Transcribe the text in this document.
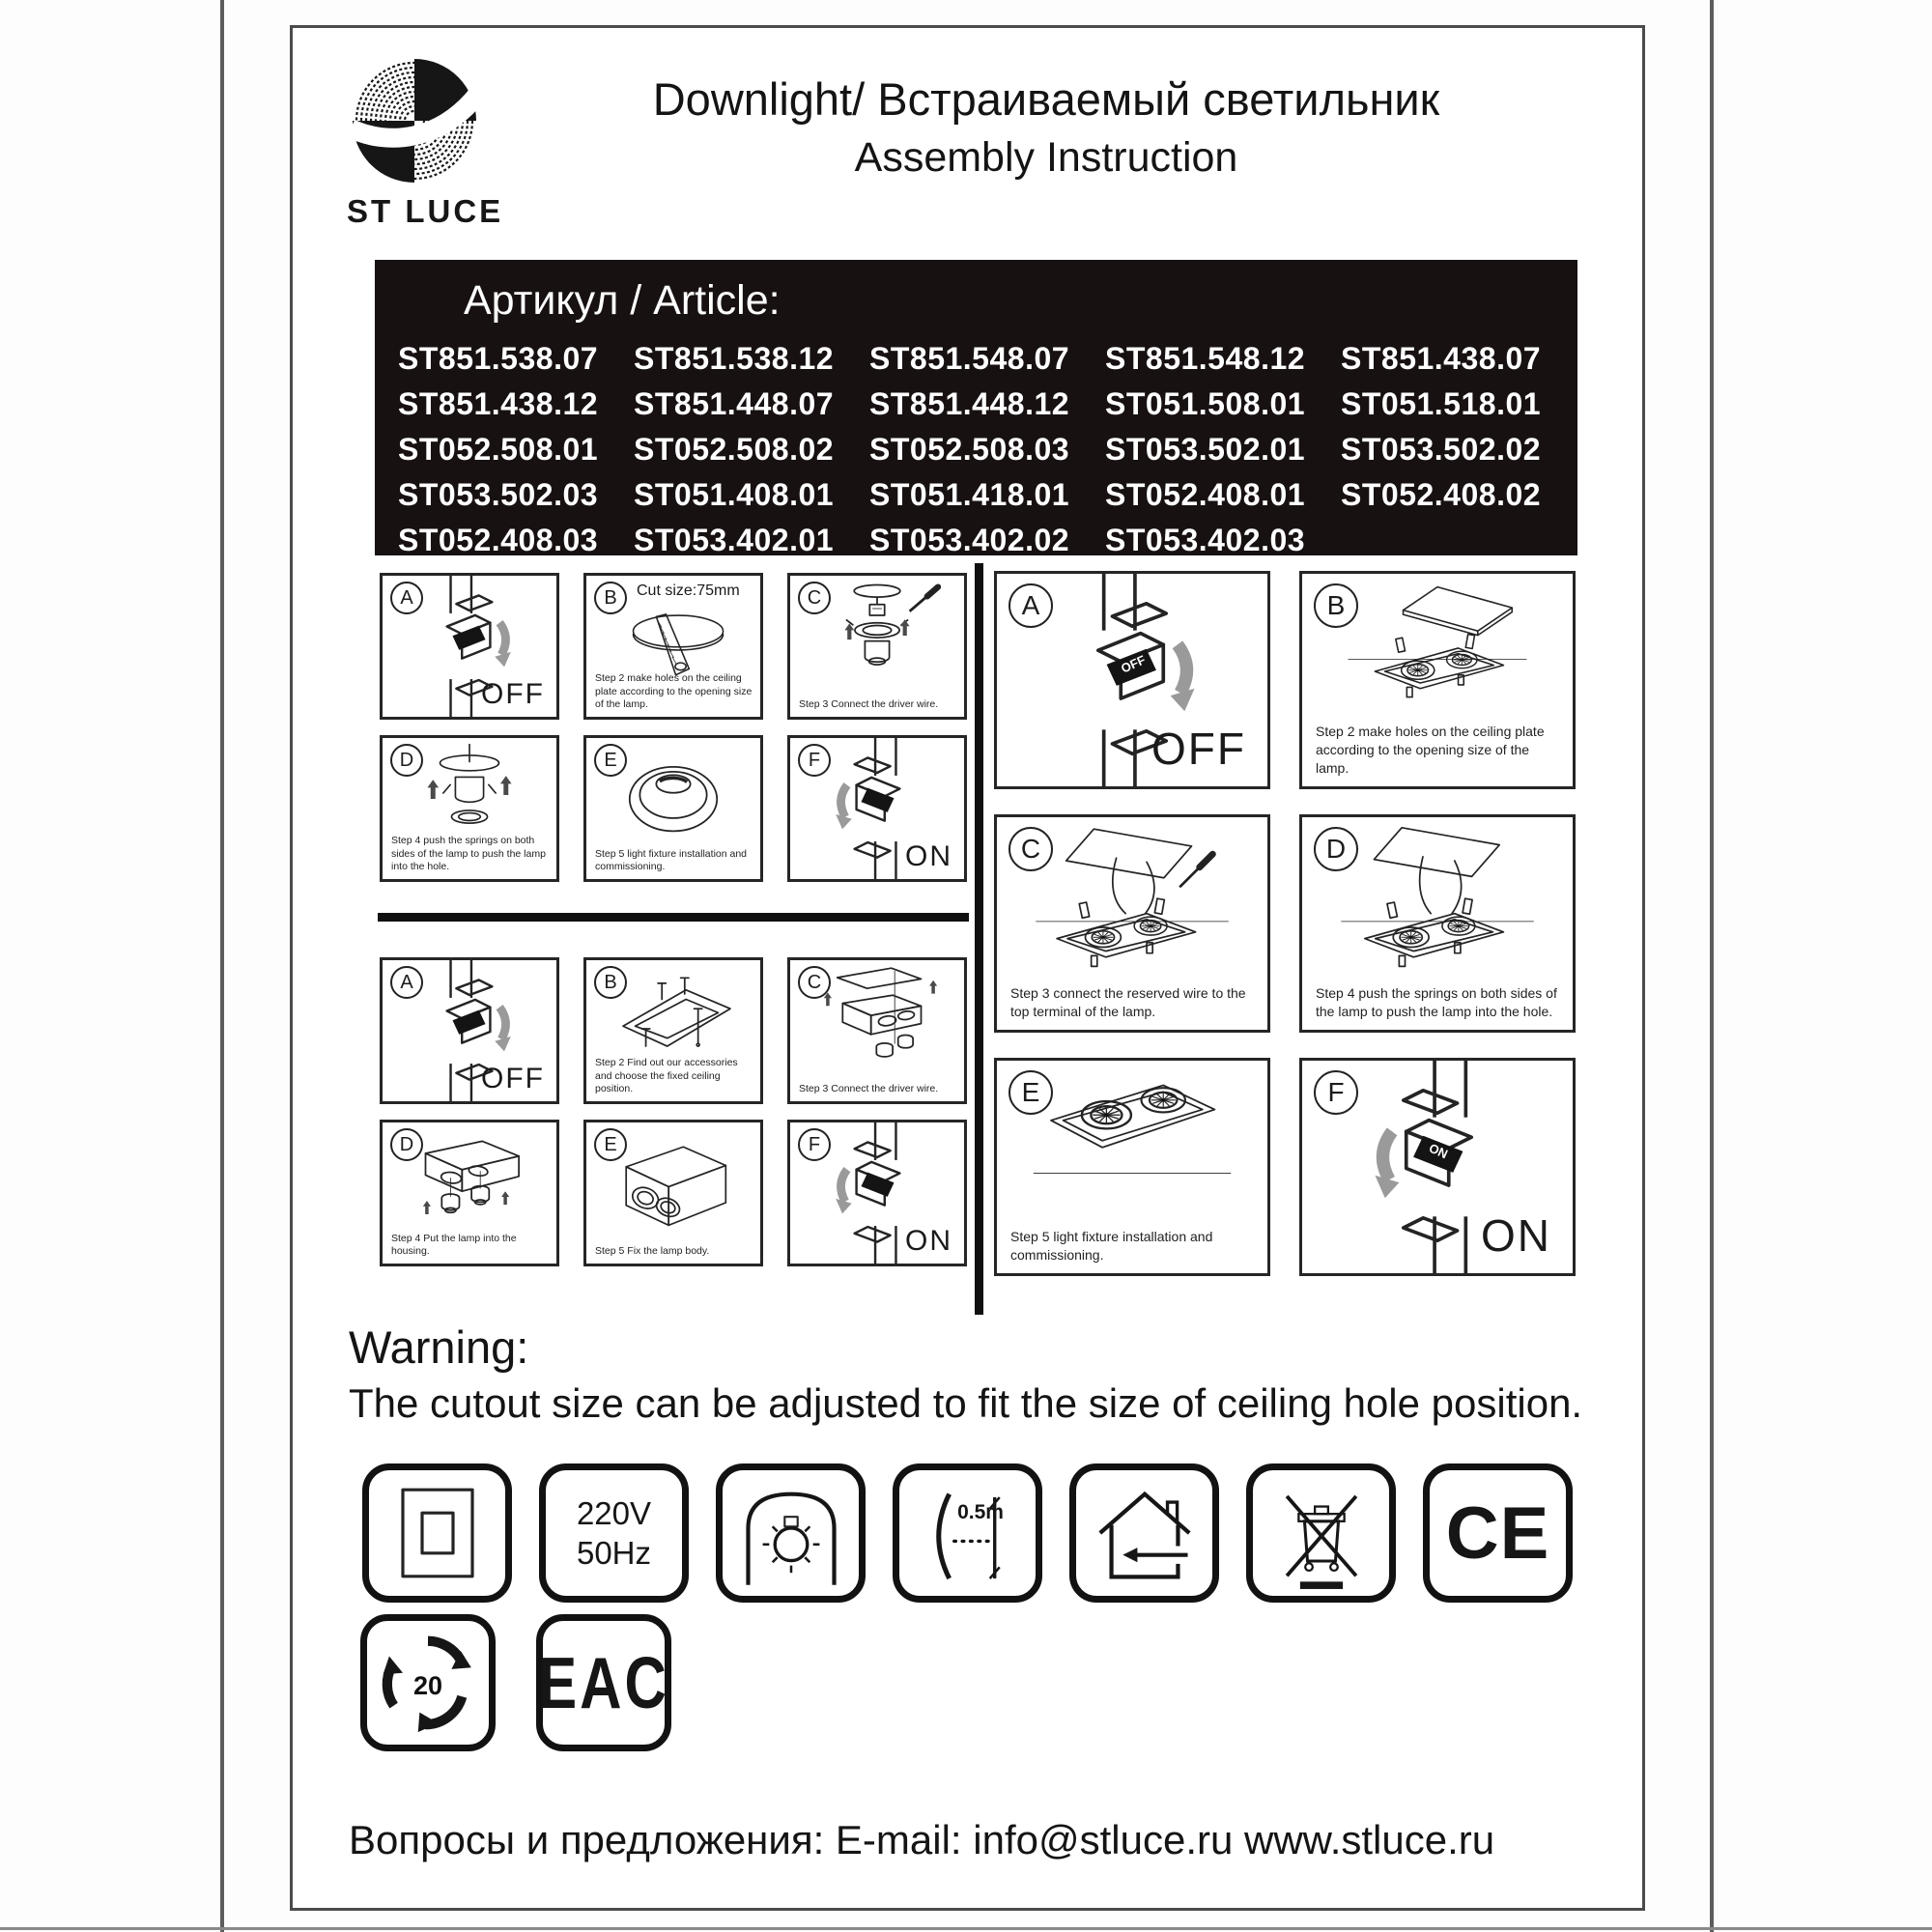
ST LUCE
Downlight/ Встраиваемый светильник
Assembly Instruction
Артикул / Article:
ST851.538.07	ST851.538.12	ST851.548.07	ST851.548.12	ST851.438.07
ST851.438.12	ST851.448.07	ST851.448.12	ST051.508.01	ST051.518.01
ST052.508.01	ST052.508.02	ST052.508.03	ST053.502.01	ST053.502.02
ST053.502.03	ST051.408.01	ST051.418.01	ST052.408.01	ST052.408.02
ST052.408.03	ST053.402.01	ST053.402.02	ST053.402.03
A
OFF
B	Cut size:75mm
Step 2 make holes on the ceiling plate according to the opening size of the lamp.
C
Step 3 Connect the driver wire.
D
Step 4 push the springs on both sides of the lamp to push the lamp into the hole.
E
Step 5 light fixture installation and commissioning.
F
ON
A
OFF
B
Step 2 Find out our accessories and choose the fixed ceiling position.
C
Step 3 Connect the driver wire.
D
Step 4 Put the lamp into the housing.
E
Step 5 Fix the lamp body.
F
ON
A
OFF
OFF
B
Step 2 make holes on the ceiling plate according to the opening size of the lamp.
C
Step 3 connect the reserved wire to the top terminal of the lamp.
D
Step 4 push the springs on both sides of the lamp to push the lamp into the hole.
E
Step 5 light fixture installation and commissioning.
F
ON
ON
Warning:
The cutout size can be adjusted to fit the size of ceiling hole position.
220V
50Hz
0.5m	CE
20	EAC
Вопросы и предложения: E-mail: info@stluce.ru www.stluce.ru
